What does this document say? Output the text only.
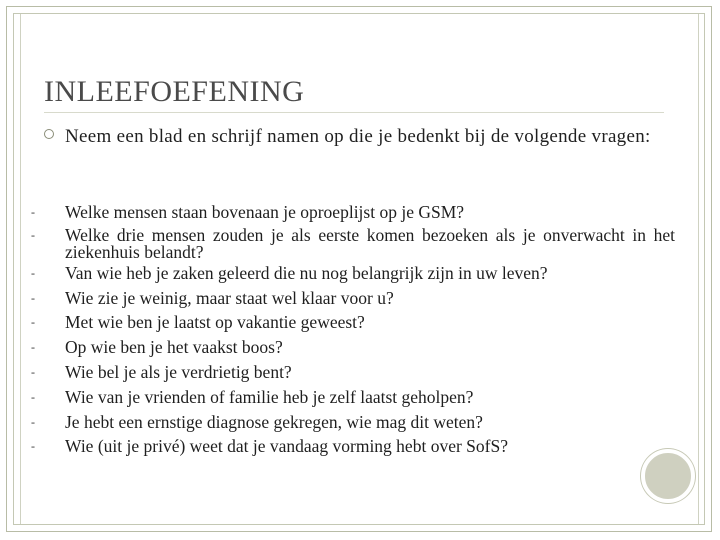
INLEEFOEFENING
Neem een blad en schrijf namen op die je bedenkt bij de volgende vragen:
- Welke mensen staan bovenaan je oproeplijst op je GSM?
- Welke drie mensen zouden je als eerste komen bezoeken als je onverwacht in het ziekenhuis belandt?
- Van wie heb je zaken geleerd die nu nog belangrijk zijn in uw leven?
- Wie zie je weinig, maar staat wel klaar voor u?
- Met wie ben je laatst op vakantie geweest?
- Op wie ben je het vaakst boos?
- Wie bel je als je verdrietig bent?
- Wie van je vrienden of familie heb je zelf laatst geholpen?
- Je hebt een ernstige diagnose gekregen, wie mag dit weten?
- Wie (uit je privé) weet dat je vandaag vorming hebt over SofS?
